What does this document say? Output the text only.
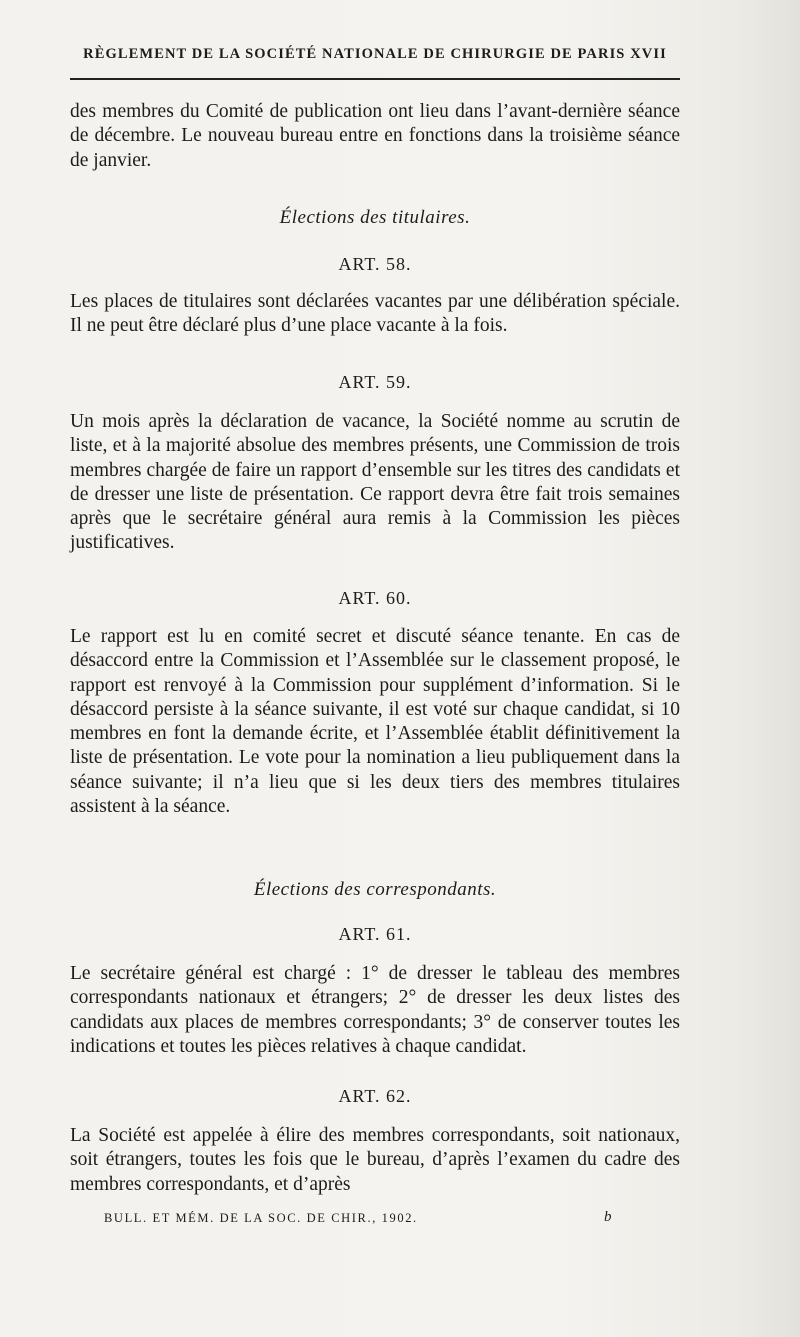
RÈGLEMENT DE LA SOCIÉTÉ NATIONALE DE CHIRURGIE DE PARIS XVII

des membres du Comité de publication ont lieu dans l’avant-dernière séance de décembre. Le nouveau bureau entre en fonctions dans la troisième séance de janvier.

Élections des titulaires.

ART. 58.

Les places de titulaires sont déclarées vacantes par une délibération spéciale. Il ne peut être déclaré plus d’une place vacante à la fois.

ART. 59.

Un mois après la déclaration de vacance, la Société nomme au scrutin de liste, et à la majorité absolue des membres présents, une Commission de trois membres chargée de faire un rapport d’ensemble sur les titres des candidats et de dresser une liste de présentation. Ce rapport devra être fait trois semaines après que le secrétaire général aura remis à la Commission les pièces justificatives.

ART. 60.

Le rapport est lu en comité secret et discuté séance tenante. En cas de désaccord entre la Commission et l’Assemblée sur le classement proposé, le rapport est renvoyé à la Commission pour supplément d’information. Si le désaccord persiste à la séance suivante, il est voté sur chaque candidat, si 10 membres en font la demande écrite, et l’Assemblée établit définitivement la liste de présentation. Le vote pour la nomination a lieu publiquement dans la séance suivante; il n’a lieu que si les deux tiers des membres titulaires assistent à la séance.

Élections des correspondants.

ART. 61.

Le secrétaire général est chargé : 1° de dresser le tableau des membres correspondants nationaux et étrangers; 2° de dresser les deux listes des candidats aux places de membres correspondants; 3° de conserver toutes les indications et toutes les pièces relatives à chaque candidat.

ART. 62.

La Société est appelée à élire des membres correspondants, soit nationaux, soit étrangers, toutes les fois que le bureau, d’après l’examen du cadre des membres correspondants, et d’après

BULL. ET MÉM. DE LA SOC. DE CHIR., 1902.	b
